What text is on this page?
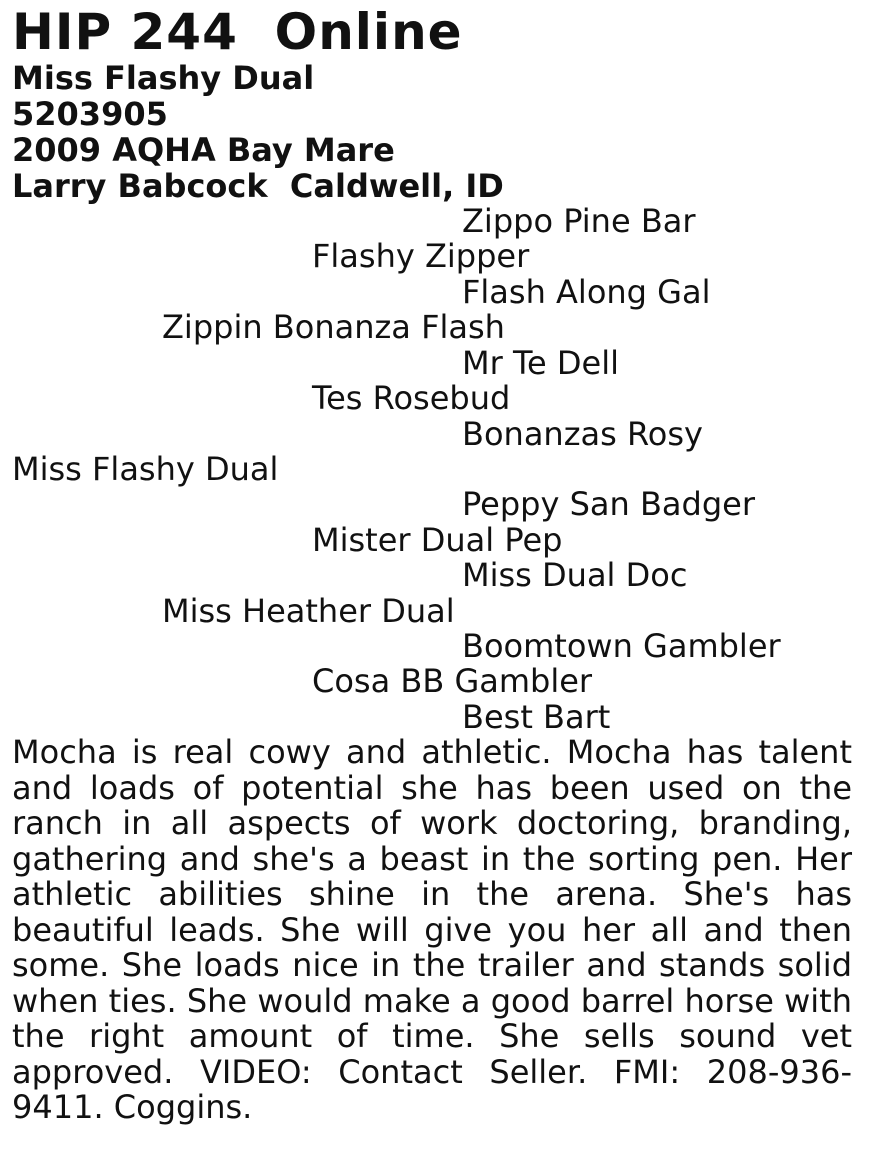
HIP 244  Online
Miss Flashy Dual
5203905
2009 AQHA Bay Mare
Larry Babcock  Caldwell, ID
Zippo Pine Bar
Flashy Zipper
Flash Along Gal
Zippin Bonanza Flash
Mr Te Dell
Tes Rosebud
Bonanzas Rosy
Miss Flashy Dual
Peppy San Badger
Mister Dual Pep
Miss Dual Doc
Miss Heather Dual
Boomtown Gambler
Cosa BB Gambler
Best Bart
Mocha is real cowy and athletic. Mocha has talent and loads of potential she has been used on the ranch in all aspects of work doctoring, branding, gathering and she's a beast in the sorting pen. Her athletic abilities shine in the arena. She's has beautiful leads. She will give you her all and then some. She loads nice in the trailer and stands solid when ties. She would make a good barrel horse with the right amount of time. She sells sound vet approved. VIDEO: Contact Seller. FMI: 208-936-9411. Coggins.
